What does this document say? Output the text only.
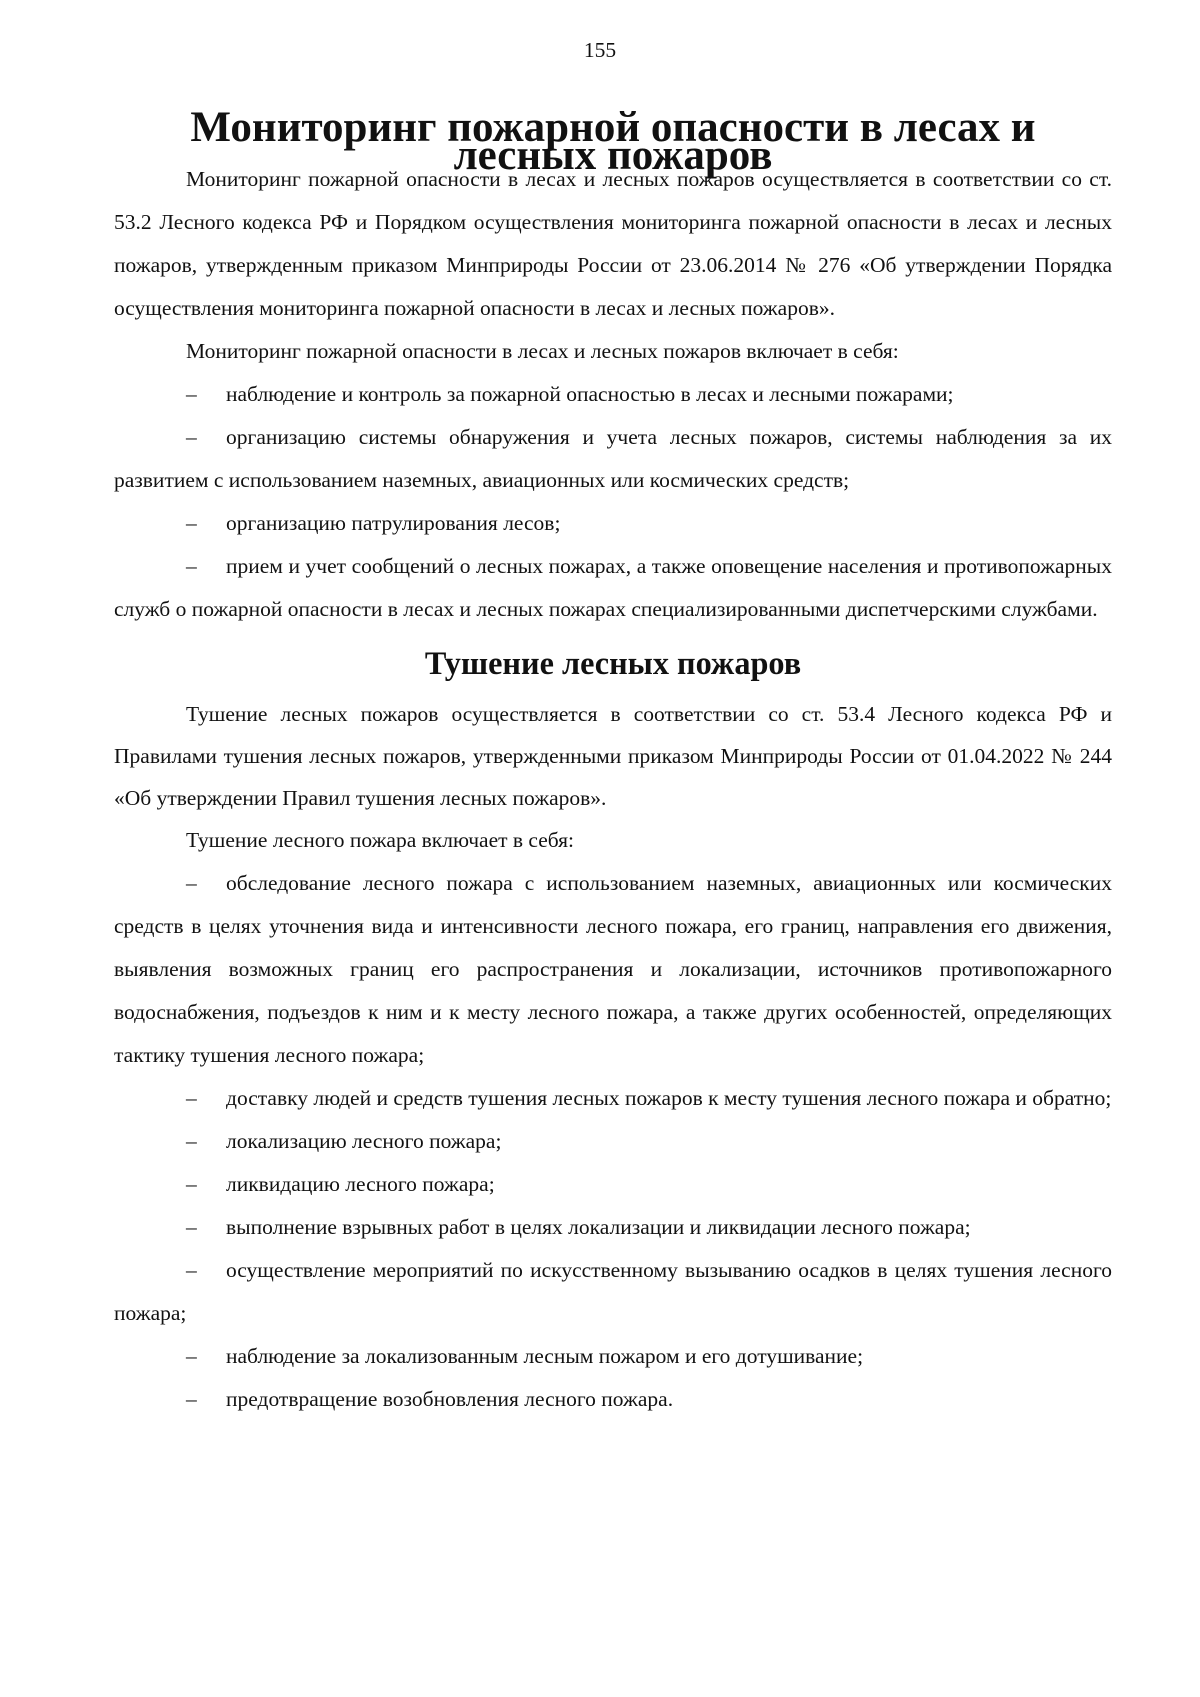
155
Мониторинг пожарной опасности в лесах и лесных пожаров

Мониторинг пожарной опасности в лесах и лесных пожаров осуществляется в соответствии со ст. 53.2 Лесного кодекса РФ и Порядком осуществления мониторинга пожарной опасности в лесах и лесных пожаров, утвержденным приказом Минприроды России от 23.06.2014 № 276 «Об утверждении Порядка осуществления мониторинга пожарной опасности в лесах и лесных пожаров».

Мониторинг пожарной опасности в лесах и лесных пожаров включает в себя:

– наблюдение и контроль за пожарной опасностью в лесах и лесными пожарами;

– организацию системы обнаружения и учета лесных пожаров, системы наблюдения за их развитием с использованием наземных, авиационных или космических средств;

– организацию патрулирования лесов;

– прием и учет сообщений о лесных пожарах, а также оповещение населения и противопожарных служб о пожарной опасности в лесах и лесных пожарах специализированными диспетчерскими службами.

Тушение лесных пожаров

Тушение лесных пожаров осуществляется в соответствии со ст. 53.4 Лесного кодекса РФ и Правилами тушения лесных пожаров, утвержденными приказом Минприроды России от 01.04.2022 № 244 «Об утверждении Правил тушения лесных пожаров».

Тушение лесного пожара включает в себя:

– обследование лесного пожара с использованием наземных, авиационных или космических средств в целях уточнения вида и интенсивности лесного пожара, его границ, направления его движения, выявления возможных границ его распространения и локализации, источников противопожарного водоснабжения, подъездов к ним и к месту лесного пожара, а также других особенностей, определяющих тактику тушения лесного пожара;

– доставку людей и средств тушения лесных пожаров к месту тушения лесного пожара и обратно;

– локализацию лесного пожара;

– ликвидацию лесного пожара;

– выполнение взрывных работ в целях локализации и ликвидации лесного пожара;

– осуществление мероприятий по искусственному вызыванию осадков в целях тушения лесного пожара;

– наблюдение за локализованным лесным пожаром и его дотушивание;

– предотвращение возобновления лесного пожара.
